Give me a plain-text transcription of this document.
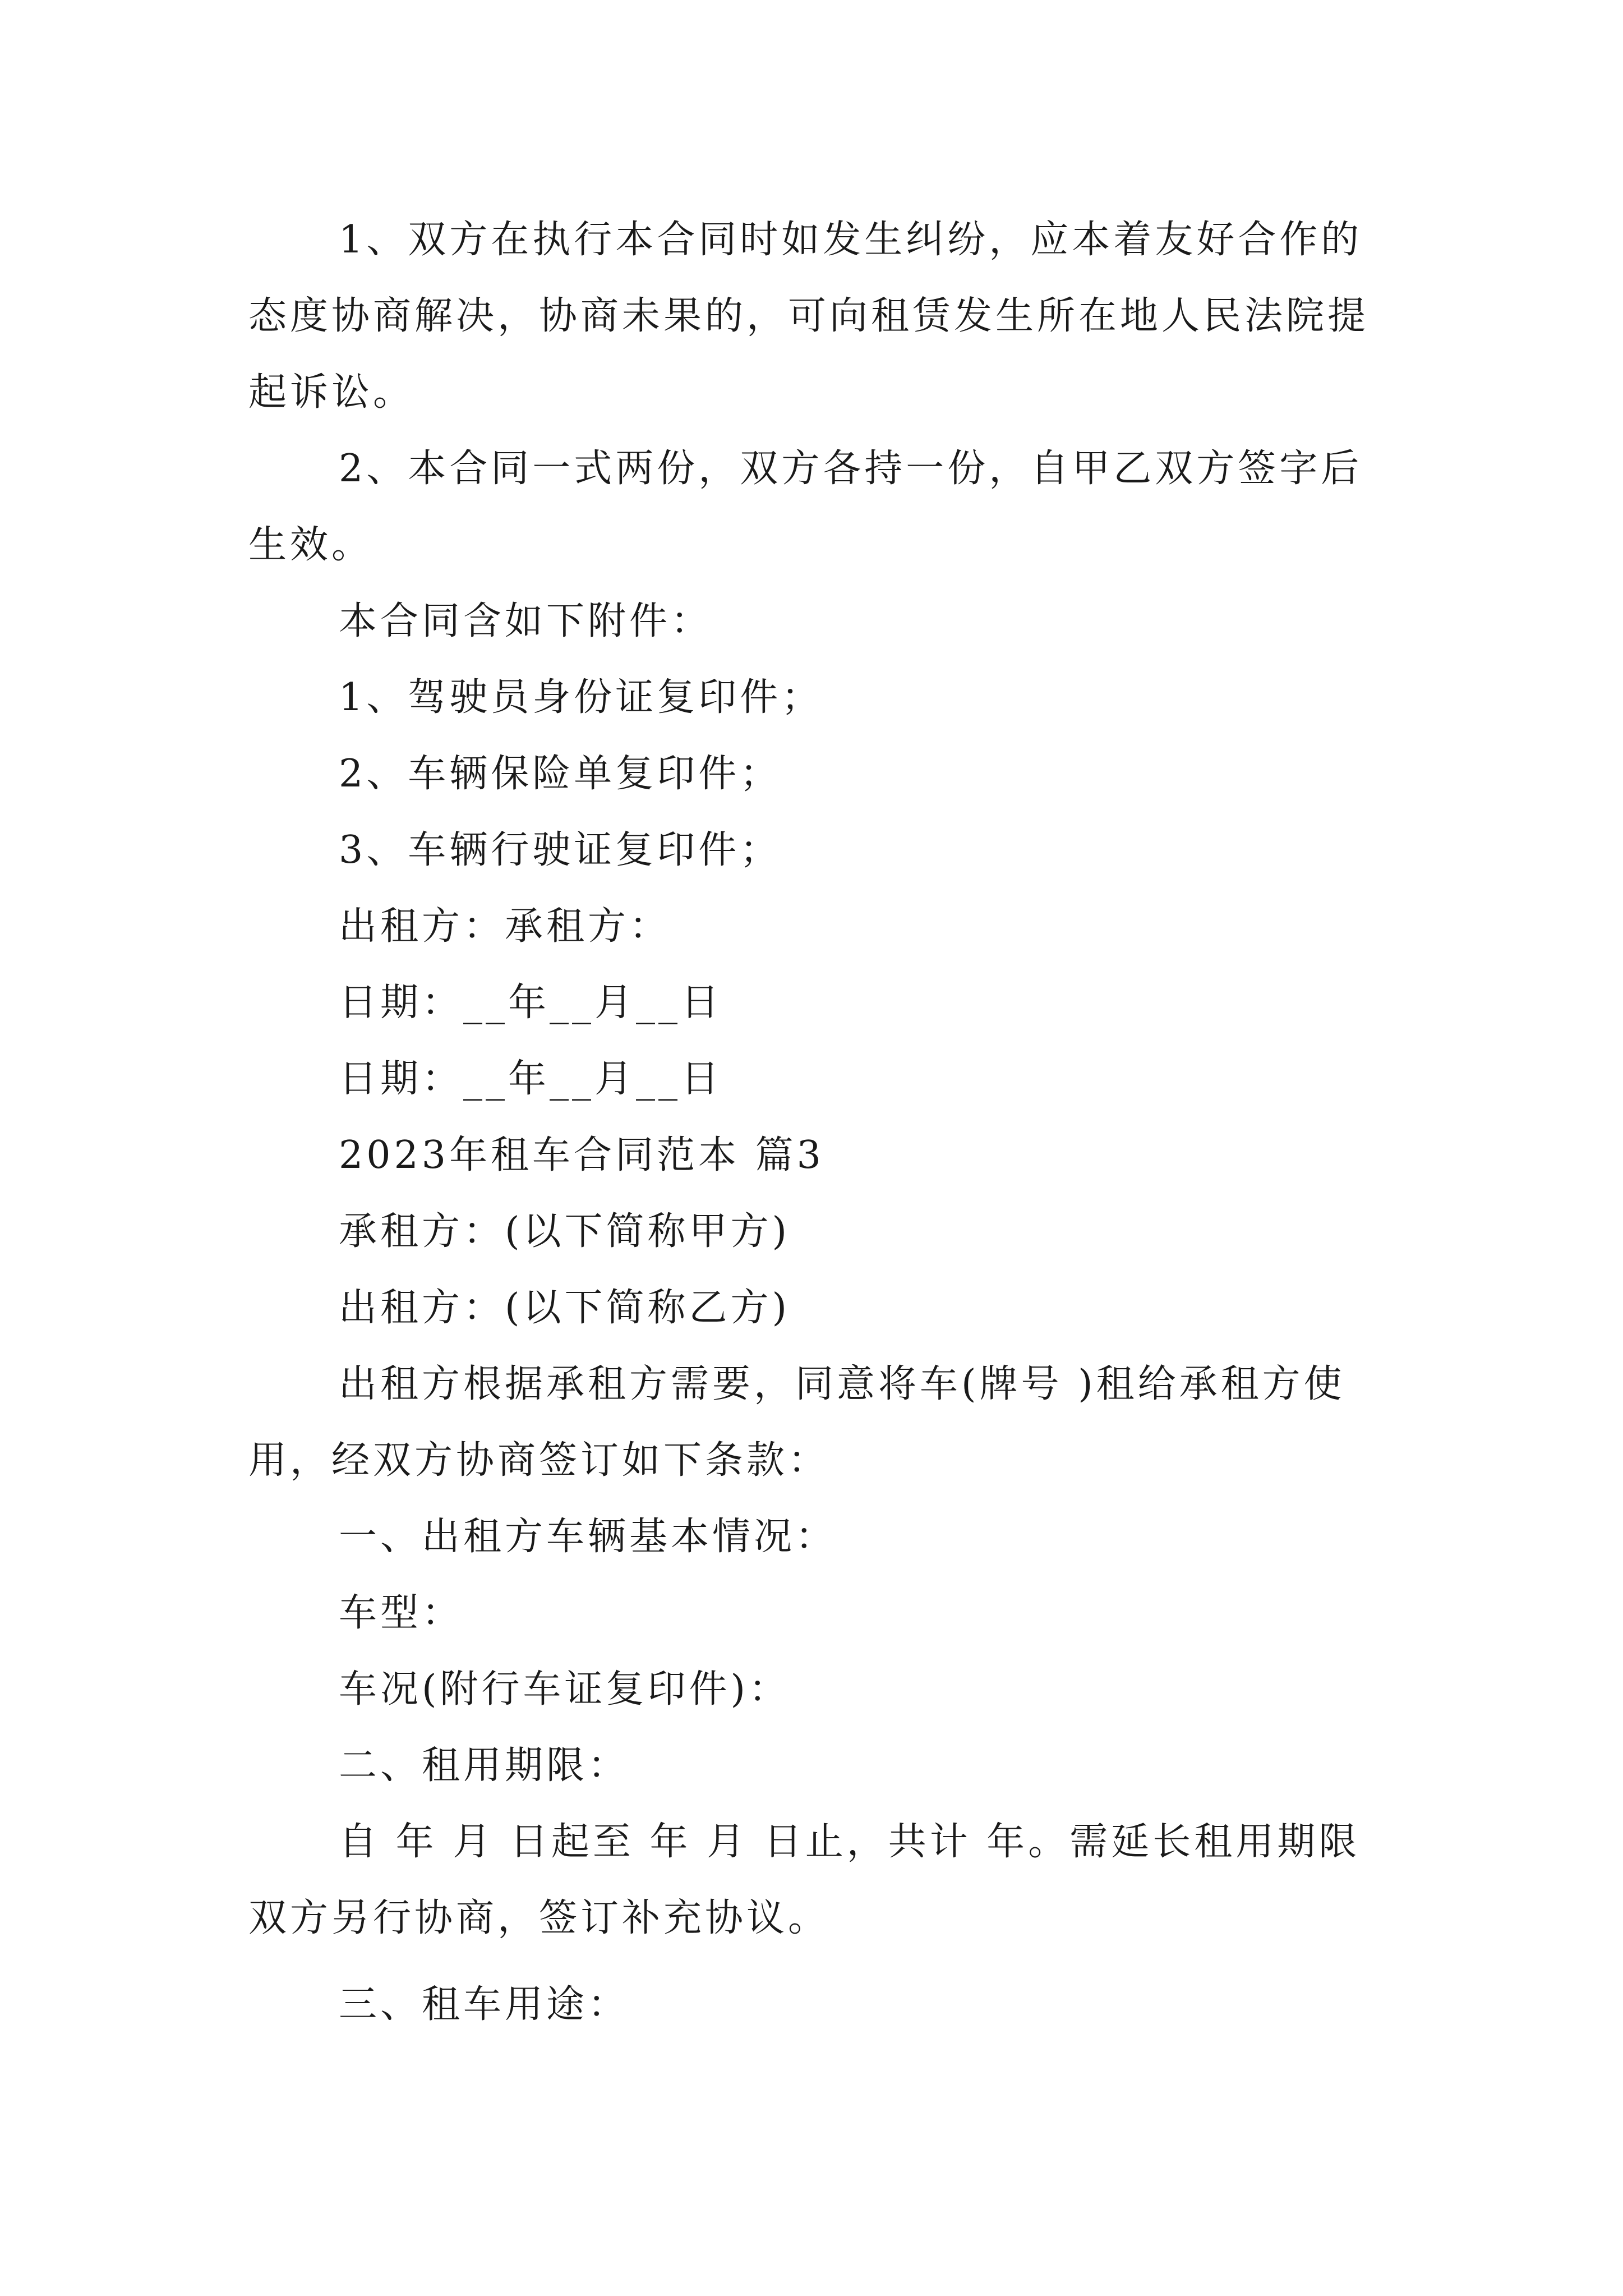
1、双方在执行本合同时如发生纠纷，应本着友好合作的态度协商解决，协商未果的，可向租赁发生所在地人民法院提起诉讼。

2、本合同一式两份，双方各持一份，自甲乙双方签字后生效。

本合同含如下附件：

1、驾驶员身份证复印件；

2、车辆保险单复印件；

3、车辆行驶证复印件；

出租方：承租方：

日期：__年__月__日

日期：__年__月__日

2023年租车合同范本 篇3

承租方：(以下简称甲方)

出租方：(以下简称乙方)

出租方根据承租方需要，同意将车(牌号 )租给承租方使用，经双方协商签订如下条款：

一、出租方车辆基本情况：

车型：

车况(附行车证复印件)：

二、租用期限：

自 年 月 日起至 年 月 日止，共计 年。需延长租用期限双方另行协商，签订补充协议。

三、租车用途：
